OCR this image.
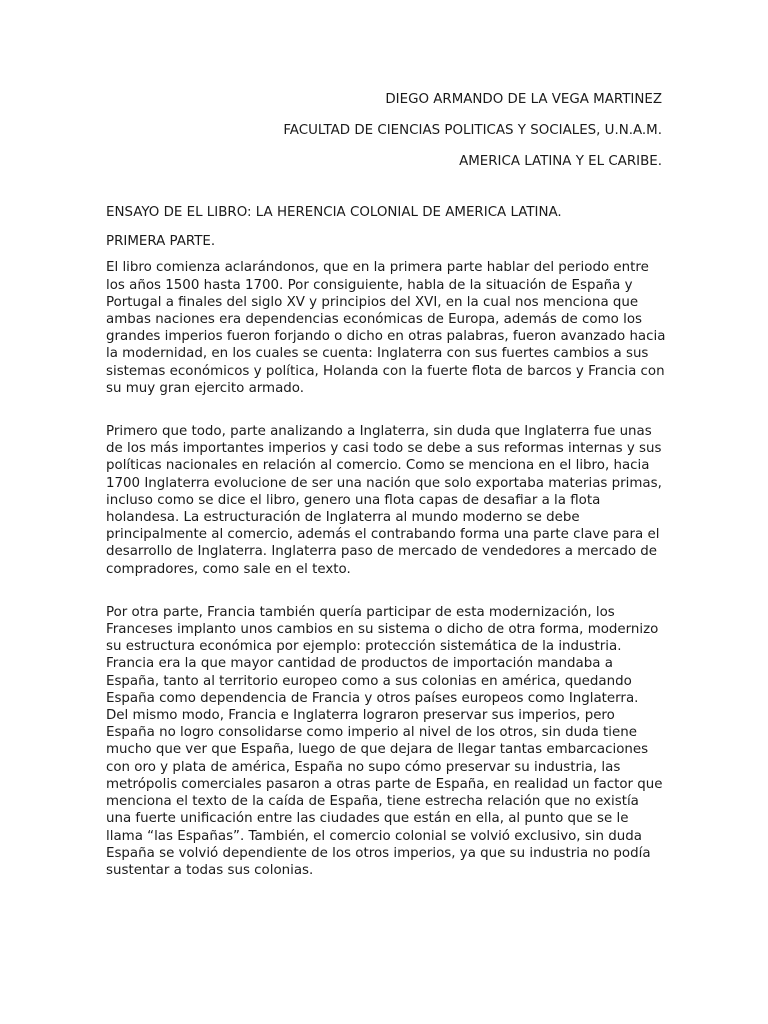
DIEGO ARMANDO DE LA VEGA MARTINEZ

FACULTAD DE CIENCIAS POLITICAS Y SOCIALES, U.N.A.M.

AMERICA LATINA Y EL CARIBE.

ENSAYO DE EL LIBRO: LA HERENCIA COLONIAL DE AMERICA LATINA.

PRIMERA PARTE.

El libro comienza aclarándonos, que en la primera parte hablar del periodo entre los años 1500 hasta 1700. Por consiguiente, habla de la situación de España y Portugal a finales del siglo XV y principios del XVI, en la cual nos menciona que ambas naciones era dependencias económicas de Europa, además de como los grandes imperios fueron forjando o dicho en otras palabras, fueron avanzado hacia la modernidad, en los cuales se cuenta: Inglaterra con sus fuertes cambios a sus sistemas económicos y política, Holanda con la fuerte flota de barcos y Francia con su muy gran ejercito armado.

Primero que todo, parte analizando a Inglaterra, sin duda que Inglaterra fue unas de los más importantes imperios y casi todo se debe a sus reformas internas y sus políticas nacionales en relación al comercio. Como se menciona en el libro, hacia 1700 Inglaterra evolucione de ser una nación que solo exportaba materias primas, incluso como se dice el libro, genero una flota capas de desafiar a la flota holandesa. La estructuración de Inglaterra al mundo moderno se debe principalmente al comercio, además el contrabando forma una parte clave para el desarrollo de Inglaterra. Inglaterra paso de mercado de vendedores a mercado de compradores, como sale en el texto.

Por otra parte, Francia también quería participar de esta modernización, los Franceses implanto unos cambios en su sistema o dicho de otra forma, modernizo su estructura económica por ejemplo: protección sistemática de la industria. Francia era la que mayor cantidad de productos de importación mandaba a España, tanto al territorio europeo como a sus colonias en américa, quedando España como dependencia de Francia y otros países europeos como Inglaterra.

Del mismo modo, Francia e Inglaterra lograron preservar sus imperios, pero España no logro consolidarse como imperio al nivel de los otros, sin duda tiene mucho que ver que España, luego de que dejara de llegar tantas embarcaciones con oro y plata de américa, España no supo cómo preservar su industria, las metrópolis comerciales pasaron a otras parte de España, en realidad un factor que menciona el texto de la caída de España, tiene estrecha relación que no existía una fuerte unificación entre las ciudades que están en ella, al punto que se le llama “las Españas”. También, el comercio colonial se volvió exclusivo, sin duda España se volvió dependiente de los otros imperios, ya que su industria no podía sustentar a todas sus colonias.
